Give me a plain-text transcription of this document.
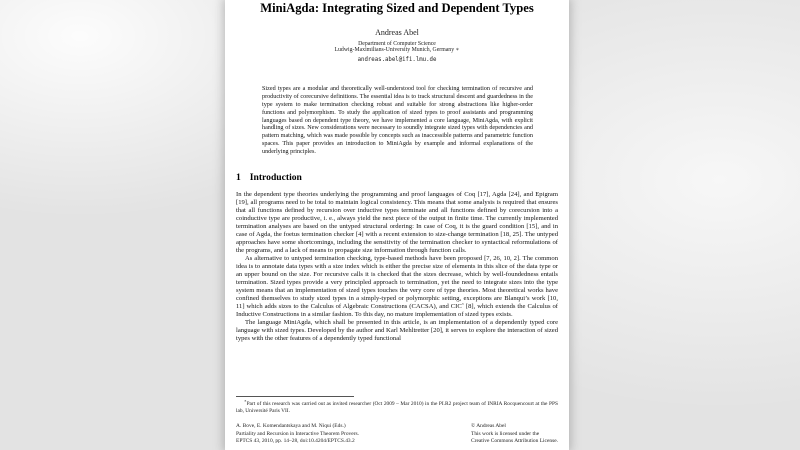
MiniAgda: Integrating Sized and Dependent Types
Andreas Abel
Department of Computer Science
Ludwig-Maximilians-University Munich, Germany ∗
andreas.abel@ifi.lmu.de
Sized types are a modular and theoretically well-understood tool for checking termination of recursive and productivity of corecursive definitions. The essential idea is to track structural descent and guardedness in the type system to make termination checking robust and suitable for strong abstractions like higher-order functions and polymorphism. To study the application of sized types to proof assistants and programming languages based on dependent type theory, we have implemented a core language, MiniAgda, with explicit handling of sizes. New considerations were necessary to soundly integrate sized types with dependencies and pattern matching, which was made possible by concepts such as inaccessible patterns and parametric function spaces. This paper provides an introduction to MiniAgda by example and informal explanations of the underlying principles.
1 Introduction

In the dependent type theories underlying the programming and proof languages of Coq [17], Agda [24], and Epigram [19], all programs need to be total to maintain logical consistency. This means that some analysis is required that ensures that all functions defined by recursion over inductive types terminate and all functions defined by corecursion into a coinductive type are productive, i. e., always yield the next piece of the output in finite time. The currently implemented termination analyses are based on the untyped structural ordering: In case of Coq, it is the guard condition [15], and in case of Agda, the foetus termination checker [4] with a recent extension to size-change termination [18, 25]. The untyped approaches have some shortcomings, including the sensitivity of the termination checker to syntactical reformulations of the programs, and a lack of means to propagate size information through function calls.

As alternative to untyped termination checking, type-based methods have been proposed [7, 26, 10, 2]. The common idea is to annotate data types with a size index which is either the precise size of elements in this slice of the data type or an upper bound on the size. For recursive calls it is checked that the sizes decrease, which by well-foundedness entails termination. Sized types provide a very principled approach to termination, yet the need to integrate sizes into the type system means that an implementation of sized types touches the very core of type theories. Most theoretical works have confined themselves to study sized types in a simply-typed or polymorphic setting, exceptions are Blanqui’s work [10, 11] which adds sizes to the Calculus of Algebraic Constructions (CACSA), and CICˆ [8], which extends the Calculus of Inductive Constructions in a similar fashion. To this day, no mature implementation of sized types exists.

The language MiniAgda, which shall be presented in this article, is an implementation of a dependently typed core language with sized types. Developed by the author and Karl Mehltretter [20], it serves to explore the interaction of sized types with the other features of a dependently typed functional

∗Part of this research was carried out as invited researcher (Oct 2009 – Mar 2010) in the PI.R2 project team of INRIA Rocquencourt at the PPS lab, Université Paris VII.
A. Bove, E. Komendantskaya and M. Niqui (Eds.)
Partiality and Recursion in Interactive Theorem Provers.
EPTCS 43, 2010, pp. 14–28, doi:10.4204/EPTCS.43.2
© Andreas Abel
This work is licensed under the
Creative Commons Attribution License.
